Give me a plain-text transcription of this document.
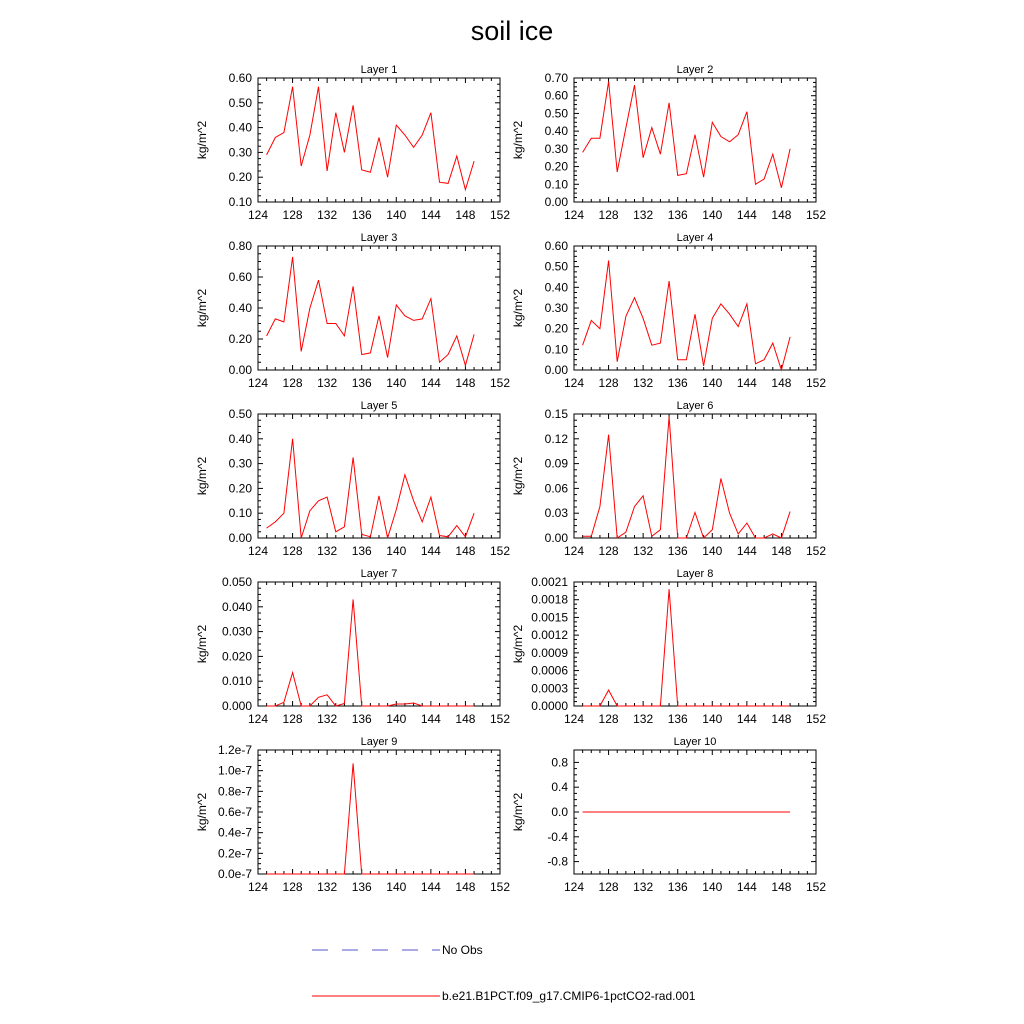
soil ice
Layer 1
124 128 132 136 140 144 148 152
0.10
0.20
0.30
0.40
0.50
0.60
kg/m^2
Layer 2
124 128 132 136 140 144 148 152
0.00
0.10
0.20
0.30
0.40
0.50
0.60
0.70
kg/m^2
Layer 3
124 128 132 136 140 144 148 152
0.00
0.20
0.40
0.60
0.80
kg/m^2
Layer 4
124 128 132 136 140 144 148 152
0.00
0.10
0.20
0.30
0.40
0.50
0.60
kg/m^2
Layer 5
124 128 132 136 140 144 148 152
0.00
0.10
0.20
0.30
0.40
0.50
kg/m^2
Layer 6
124 128 132 136 140 144 148 152
0.00
0.03
0.06
0.09
0.12
0.15
kg/m^2
Layer 7
124 128 132 136 140 144 148 152
0.000
0.010
0.020
0.030
0.040
0.050
kg/m^2
Layer 8
124 128 132 136 140 144 148 152
0.0000
0.0003
0.0006
0.0009
0.0012
0.0015
0.0018
0.0021
kg/m^2
Layer 9
124 128 132 136 140 144 148 152
0.0e-7
0.2e-7
0.4e-7
0.6e-7
0.8e-7
1.0e-7
1.2e-7
kg/m^2
Layer 10
124 128 132 136 140 144 148 152
-0.8
-0.4
0.0
0.4
0.8
kg/m^2
No Obs
b.e21.B1PCT.f09_g17.CMIP6-1pctCO2-rad.001
